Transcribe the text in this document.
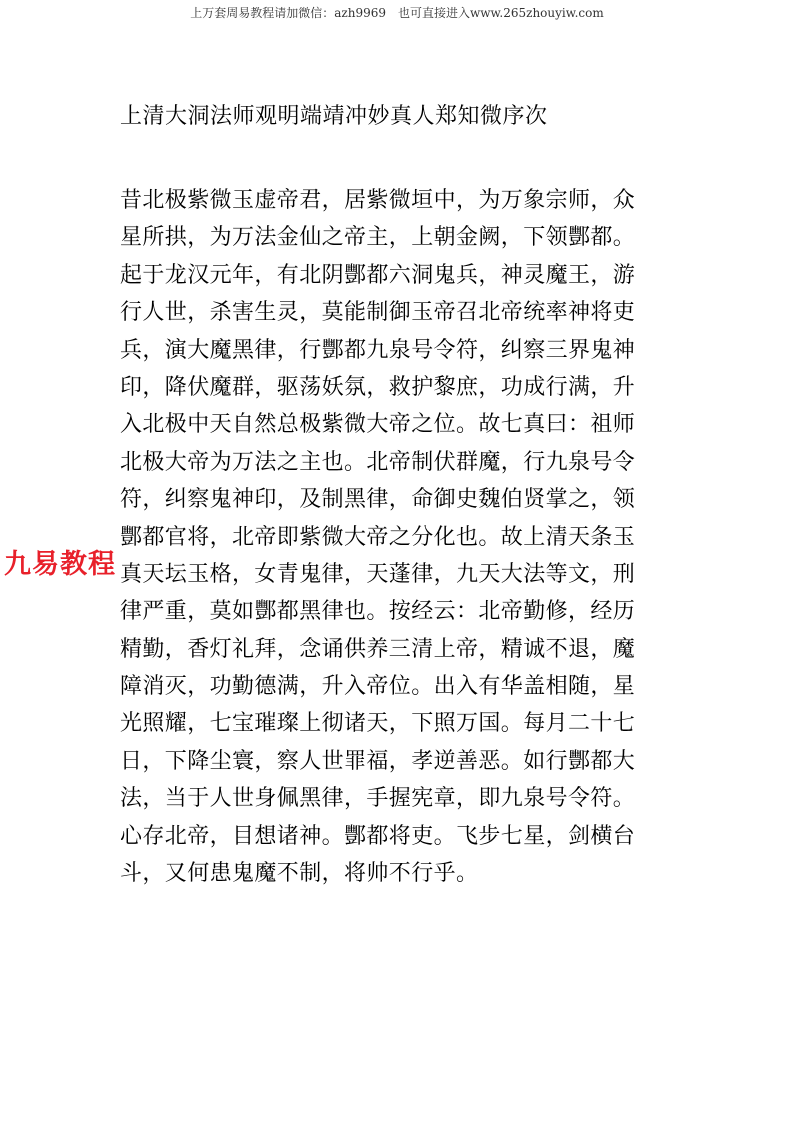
上万套周易教程请加微信：azh9969　也可直接进入www.265zhouyiw.com
上清大洞法师观明端靖冲妙真人郑知微序次
昔北极紫微玉虚帝君，居紫微垣中，为万象宗师，众
星所拱，为万法金仙之帝主，上朝金阙，下领酆都。
起于龙汉元年，有北阴酆都六洞鬼兵，神灵魔王，游
行人世，杀害生灵，莫能制御玉帝召北帝统率神将吏
兵，演大魔黑律，行酆都九泉号令符，纠察三界鬼神
印，降伏魔群，驱荡妖氛，救护黎庶，功成行满，升
入北极中天自然总极紫微大帝之位。故七真曰：祖师
北极大帝为万法之主也。北帝制伏群魔，行九泉号令
符，纠察鬼神印，及制黑律，命御史魏伯贤掌之，领
酆都官将，北帝即紫微大帝之分化也。故上清天条玉
真天坛玉格，女青鬼律，天蓬律，九天大法等文，刑
律严重，莫如酆都黑律也。按经云：北帝勤修，经历
精勤，香灯礼拜，念诵供养三清上帝，精诚不退，魔
障消灭，功勤德满，升入帝位。出入有华盖相随，星
光照耀，七宝璀璨上彻诸天，下照万国。每月二十七
日，下降尘寰，察人世罪福，孝逆善恶。如行酆都大
法，当于人世身佩黑律，手握宪章，即九泉号令符。
心存北帝，目想诸神。酆都将吏。飞步七星，剑横台
斗，又何患鬼魔不制，将帅不行乎。
九易教程
